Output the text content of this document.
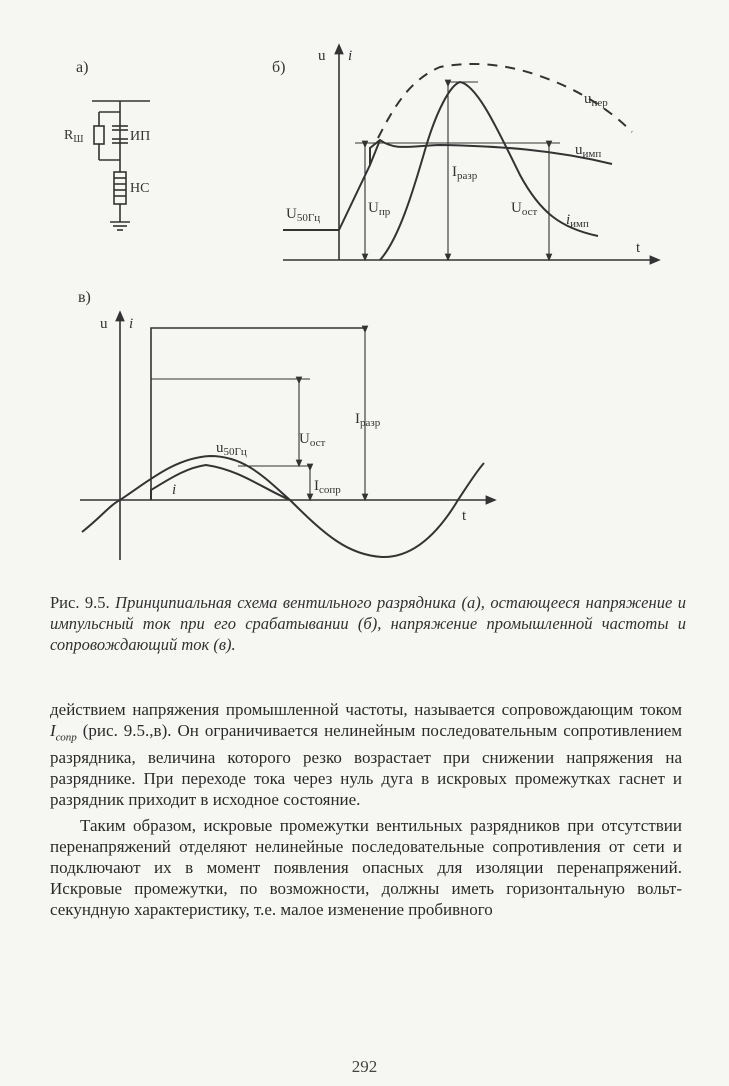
а)
$R_Ш$	ИП
НС
б)
u i
t
$U_{50Гц}$
$U_{пр}$
$I_{разр}$
$U_{ост}$ $i_{имп}$
$u_{пер}$
$u_{имп}$
в)
u i
t
$I_{разр}$
$U_{ост}$
$u_{50Гц}$
$I_{сопр}$
i

Рис. 9.5. Принципиальная схема вентильного разрядника (а), остающееся напряжение и импульсный ток при его срабатывании (б), напряжение промышленной частоты и сопровождающий ток (в).

действием напряжения промышленной частоты, называется сопровождающим током $I_{сопр}$ (рис. 9.5.,в). Он ограничивается нелинейным последовательным сопротивлением разрядника, величина которого резко возрастает при снижении напряжения на разряднике. При переходе тока через нуль дуга в искровых промежутках гаснет и разрядник приходит в исходное состояние.

Таким образом, искровые промежутки вентильных разрядников при отсутствии перенапряжений отделяют нелинейные последовательные сопротивления от сети и подключают их в момент появления опасных для изоляции перенапряжений. Искровые промежутки, по возможности, должны иметь горизонтальную вольт-секундную характеристику, т.е. малое изменение пробивного

292
